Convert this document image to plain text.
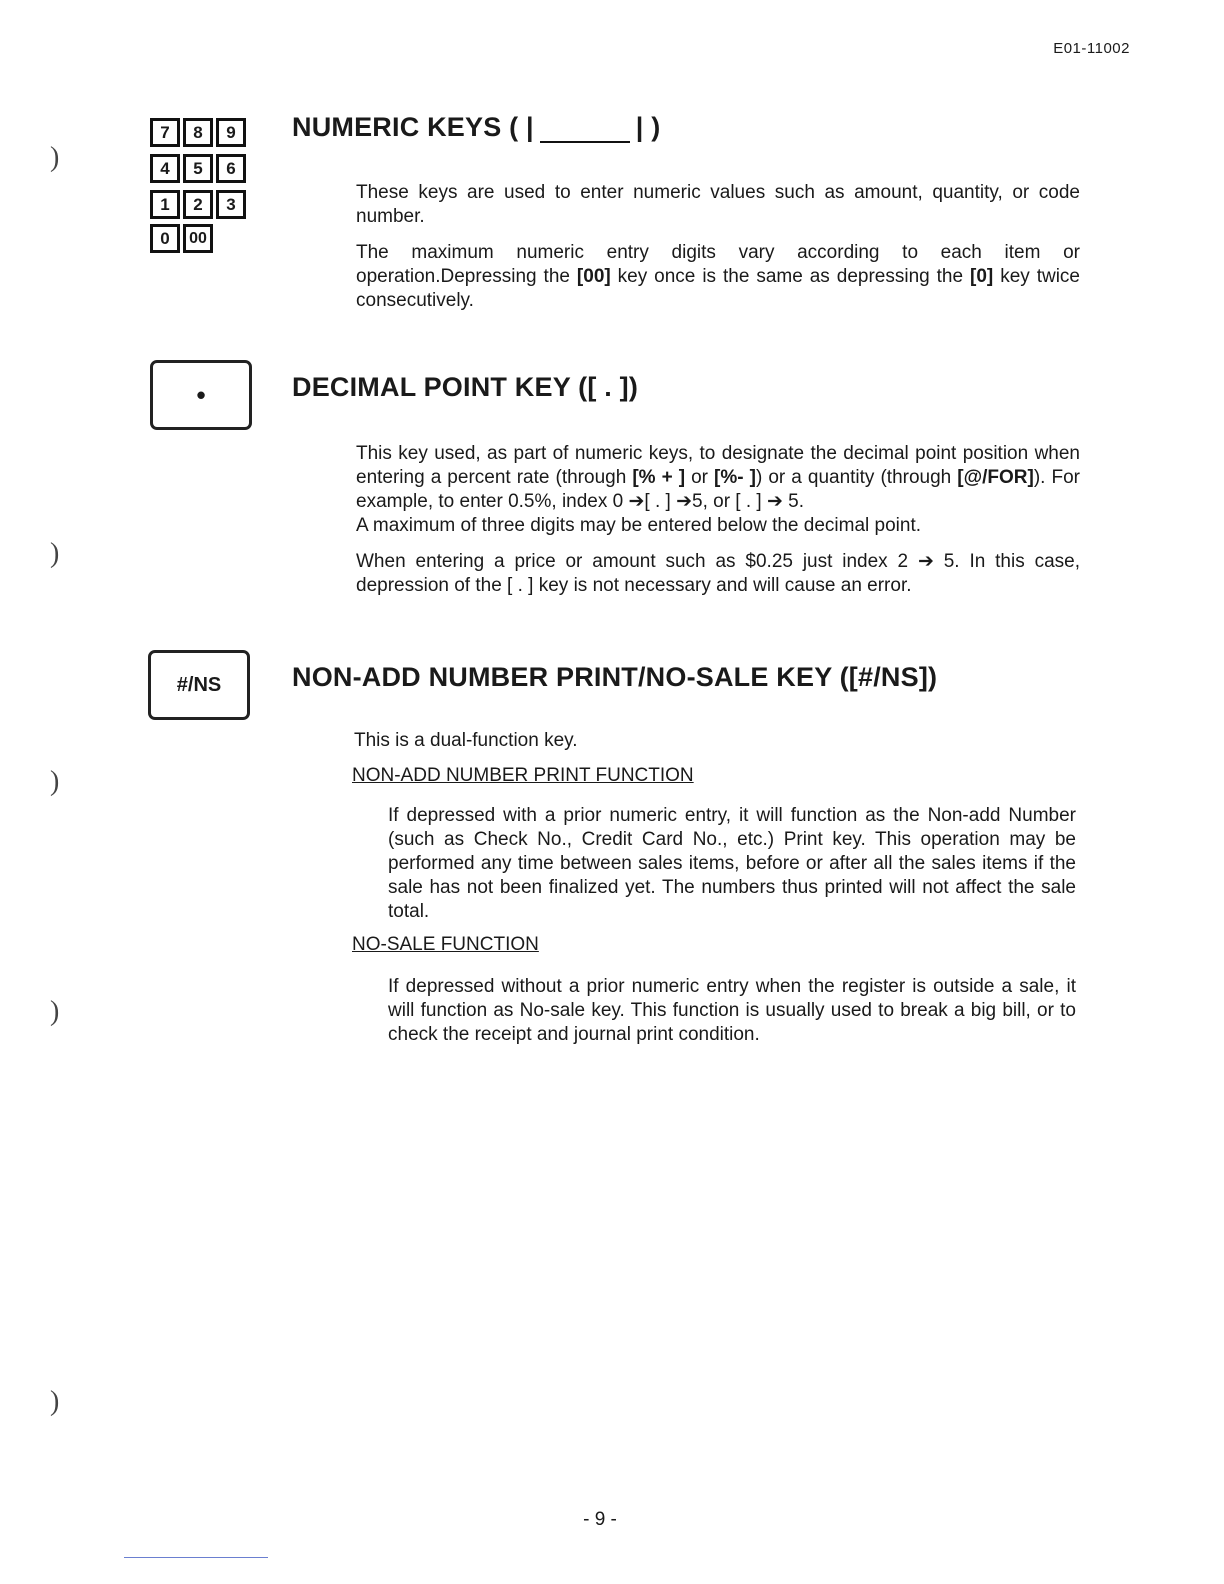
E01-11002
)
)
)
)
)
7	8	9
4	5	6
1	2	3
0	00
NUMERIC KEYS ( |	| )

These keys are used to enter numeric values such as amount, quantity, or code number.

The maximum numeric entry digits vary according to each item or operation.Depressing the [00] key once is the same as depressing the [0] key twice consecutively.

•	DECIMAL POINT KEY ([ . ])

This key used, as part of numeric keys, to designate the decimal point position when entering a percent rate (through [% + ] or [%- ]) or a quantity (through [@/FOR]). For example, to enter 0.5%, index 0 ➔[ . ] ➔5, or [ . ] ➔ 5.
A maximum of three digits may be entered below the decimal point.

When entering a price or amount such as $0.25 just index 2 ➔ 5. In this case, depression of the [ . ] key is not necessary and will cause an error.

#/NS	NON-ADD NUMBER PRINT/NO-SALE KEY ([#/NS])

This is a dual-function key.

NON-ADD NUMBER PRINT FUNCTION

If depressed with a prior numeric entry, it will function as the Non-add Number (such as Check No., Credit Card No., etc.) Print key. This operation may be performed any time between sales items, before or after all the sales items if the sale has not been finalized yet. The numbers thus printed will not affect the sale total.

NO-SALE FUNCTION

If depressed without a prior numeric entry when the register is outside a sale, it will function as No-sale key. This function is usually used to break a big bill, or to check the receipt and journal print condition.

- 9 -
